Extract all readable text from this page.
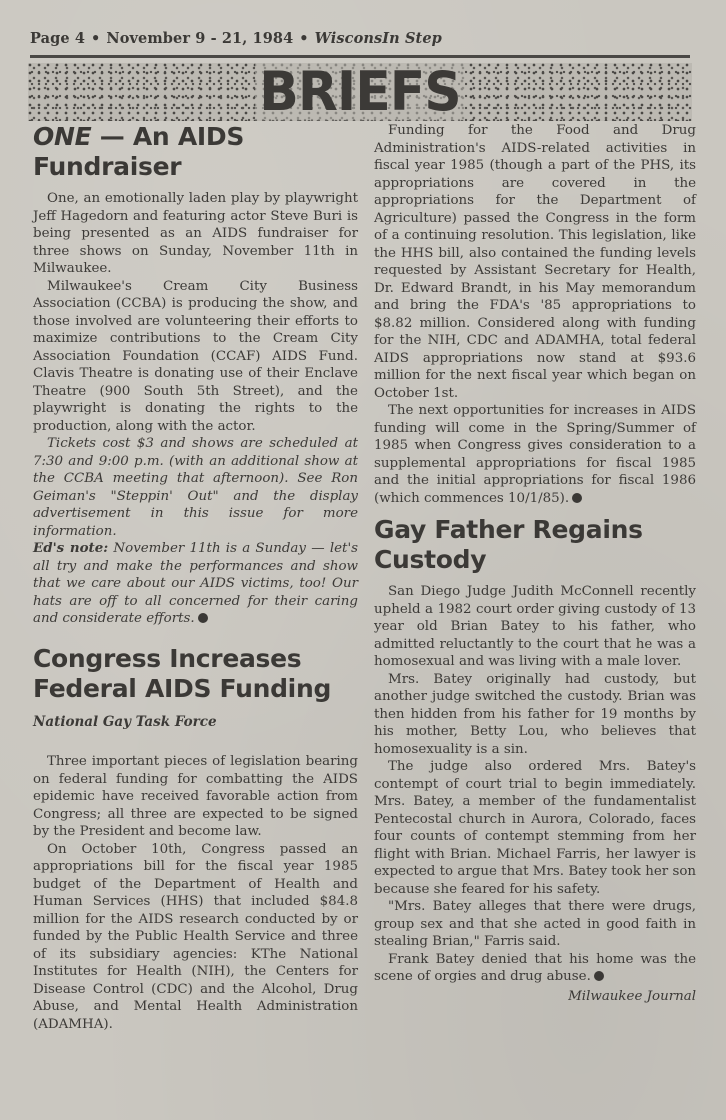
Page 4 • November 9 - 21, 1984 • WisconsIn Step
BRIEFS
ONE — An AIDS Fundraiser

One, an emotionally laden play by playwright Jeff Hagedorn and featuring actor Steve Buri is being presented as an AIDS fundraiser for three shows on Sunday, November 11th in Milwaukee.

Milwaukee's Cream City Business Association (CCBA) is producing the show, and those involved are volunteering their efforts to maximize contributions to the Cream City Association Foundation (CCAF) AIDS Fund. Clavis Theatre is donating use of their Enclave Theatre (900 South 5th Street), and the playwright is donating the rights to the production, along with the actor.

Tickets cost $3 and shows are scheduled at 7:30 and 9:00 p.m. (with an additional show at the CCBA meeting that afternoon). See Ron Geiman's "Steppin' Out" and the display advertisement in this issue for more information.

Ed's note: November 11th is a Sunday — let's all try and make the performances and show that we care about our AIDS victims, too! Our hats are off to all concerned for their caring and considerate efforts.

Congress Increases Federal AIDS Funding

National Gay Task Force

Three important pieces of legislation bearing on federal funding for combatting the AIDS epidemic have received favorable action from Congress; all three are expected to be signed by the President and become law.

On October 10th, Congress passed an appropriations bill for the fiscal year 1985 budget of the Department of Health and Human Services (HHS) that included $84.8 million for the AIDS research conducted by or funded by the Public Health Service and three of its subsidiary agencies: KThe National Institutes for Health (NIH), the Centers for Disease Control (CDC) and the Alcohol, Drug Abuse, and Mental Health Administration (ADAMHA).

Funding for the Food and Drug Administration's AIDS-related activities in fiscal year 1985 (though a part of the PHS, its appropriations are covered in the appropriations for the Department of Agriculture) passed the Congress in the form of a continuing resolution. This legislation, like the HHS bill, also contained the funding levels requested by Assistant Secretary for Health, Dr. Edward Brandt, in his May memorandum and bring the FDA's '85 appropriations to $8.82 million. Considered along with funding for the NIH, CDC and ADAMHA, total federal AIDS appropriations now stand at $93.6 million for the next fiscal year which began on October 1st.

The next opportunities for increases in AIDS funding will come in the Spring/Summer of 1985 when Congress gives consideration to a supplemental appropriations for fiscal 1985 and the initial appropriations for fiscal 1986 (which commences 10/1/85).

Gay Father Regains Custody

San Diego Judge Judith McConnell recently upheld a 1982 court order giving custody of 13 year old Brian Batey to his father, who admitted reluctantly to the court that he was a homosexual and was living with a male lover.

Mrs. Batey originally had custody, but another judge switched the custody. Brian was then hidden from his father for 19 months by his mother, Betty Lou, who believes that homosexuality is a sin.

The judge also ordered Mrs. Batey's contempt of court trial to begin immediately. Mrs. Batey, a member of the fundamentalist Pentecostal church in Aurora, Colorado, faces four counts of contempt stemming from her flight with Brian. Michael Farris, her lawyer is expected to argue that Mrs. Batey took her son because she feared for his safety.

"Mrs. Batey alleges that there were drugs, group sex and that she acted in good faith in stealing Brian," Farris said.

Frank Batey denied that his home was the scene of orgies and drug abuse.

Milwaukee Journal
